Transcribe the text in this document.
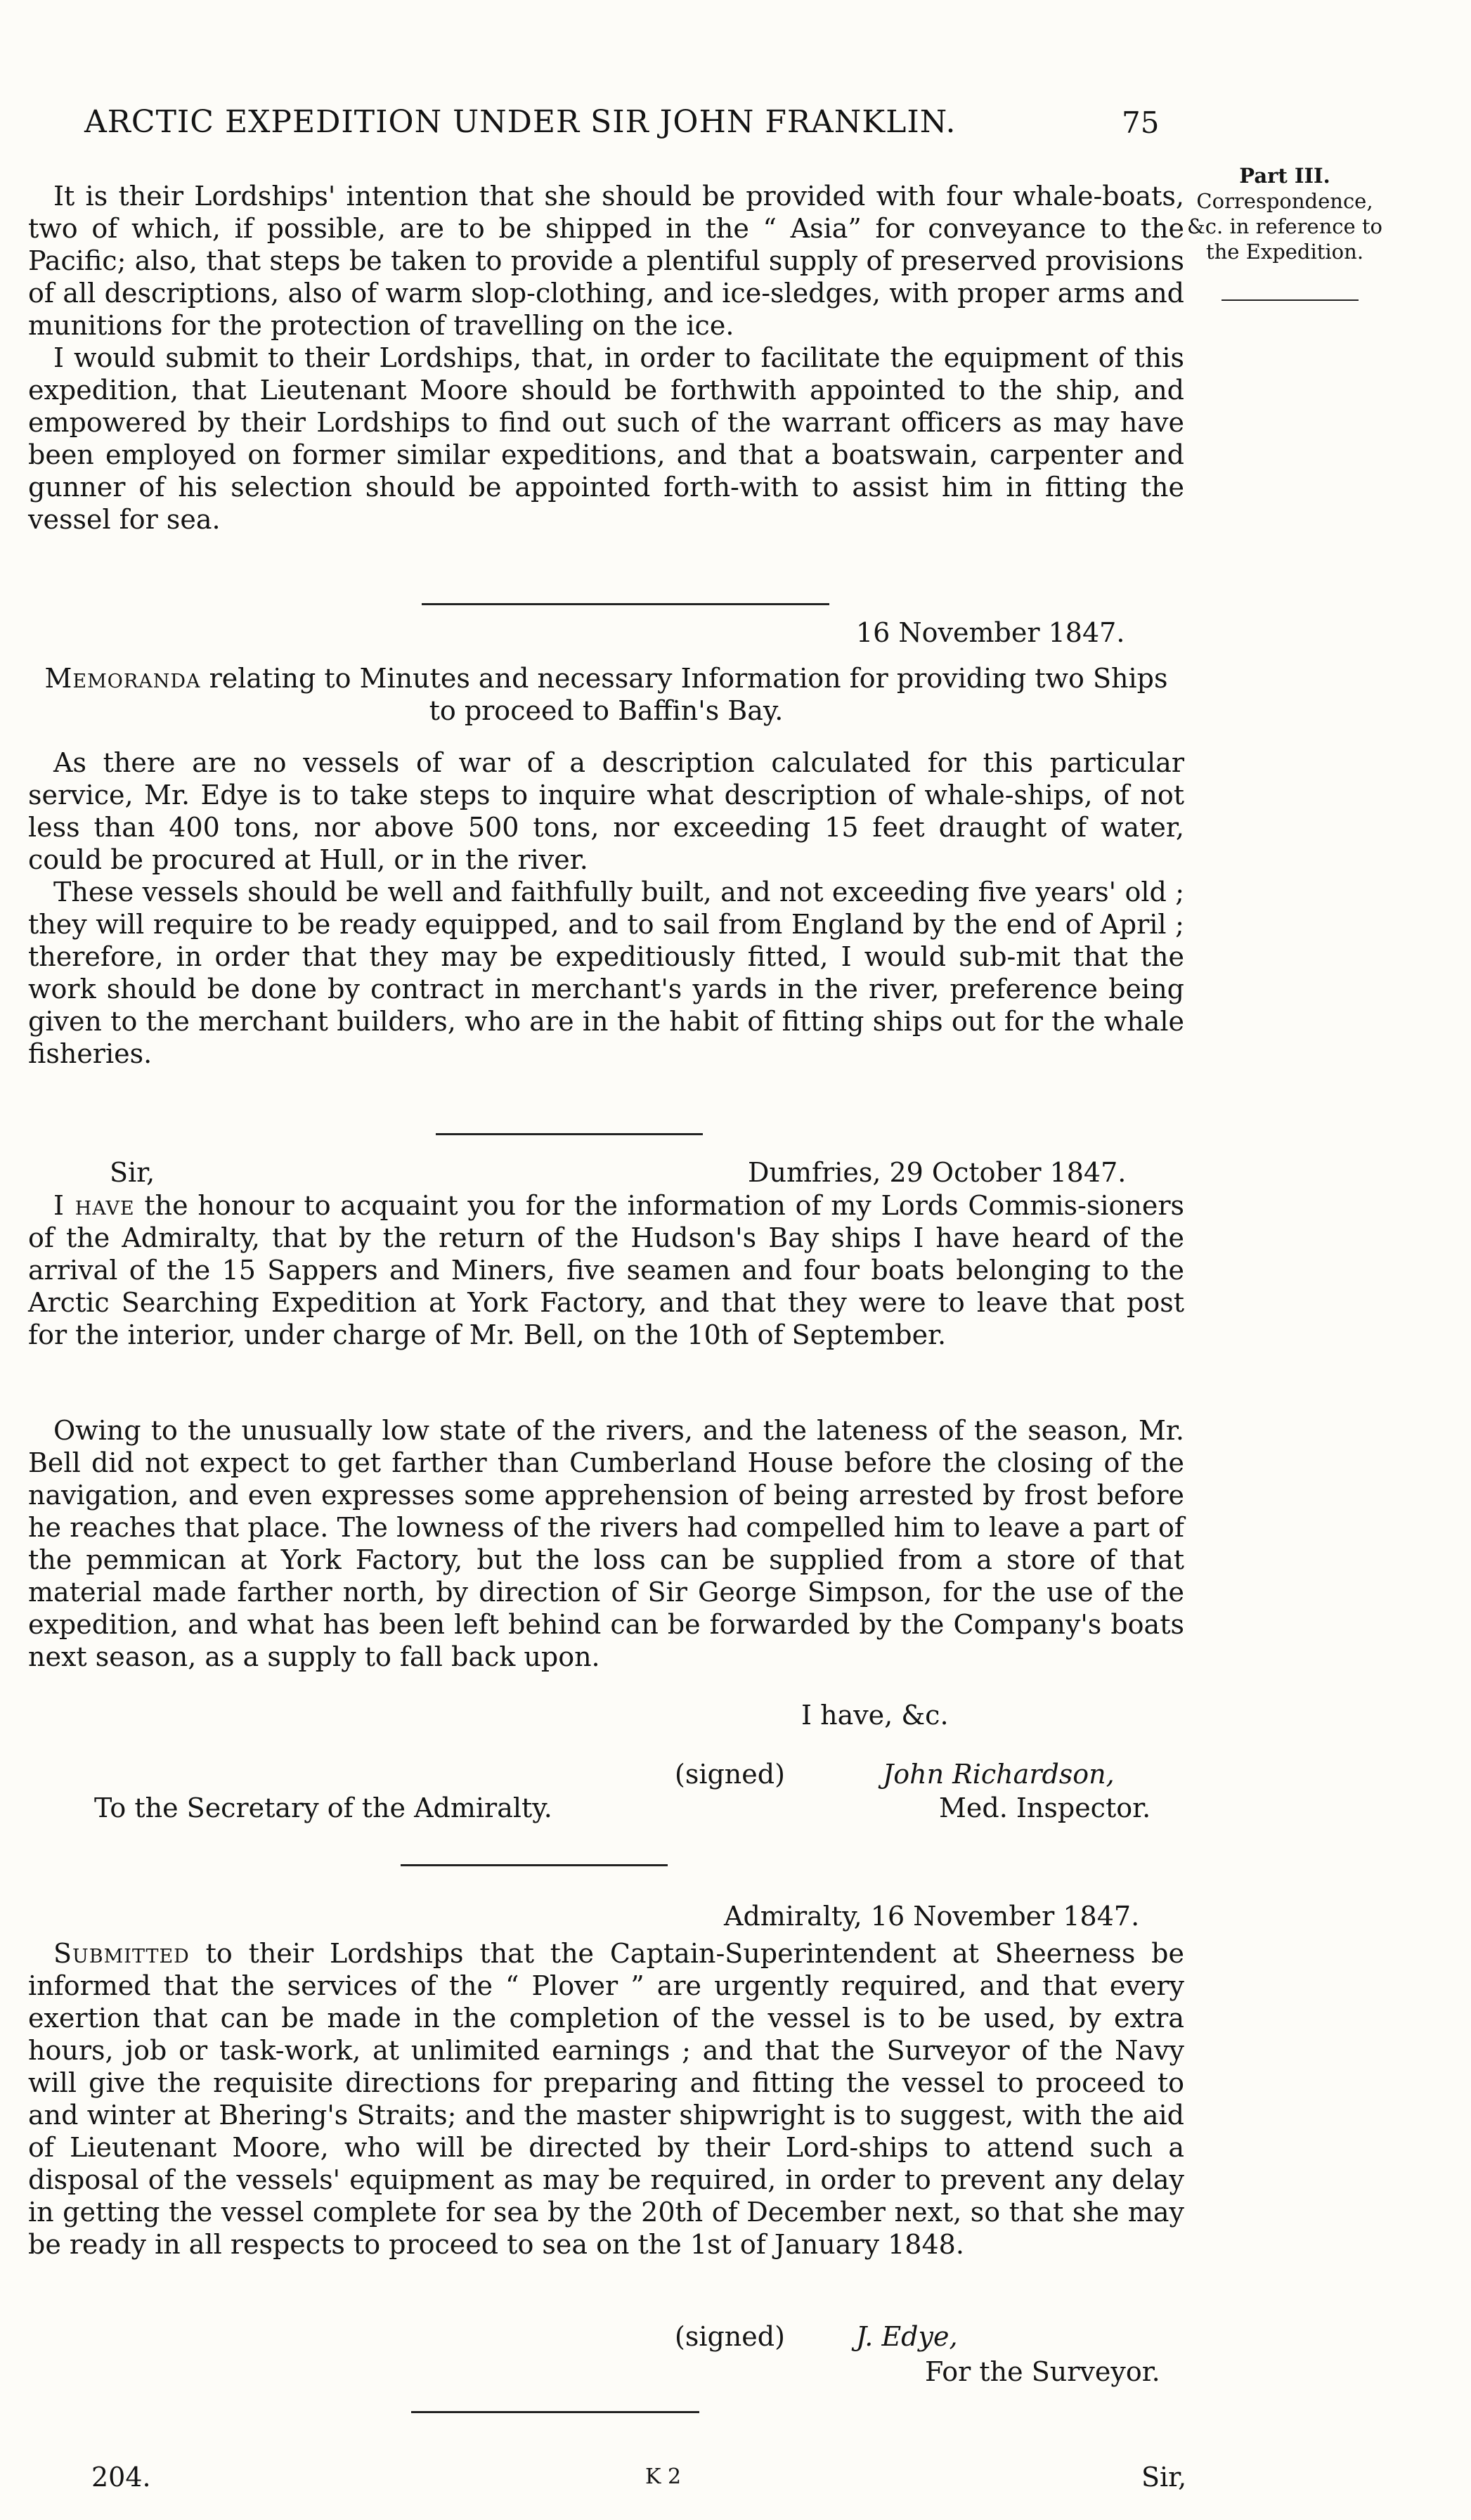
ARCTIC EXPEDITION UNDER SIR JOHN FRANKLIN.	75
Part III.
Correspondence, &c. in reference to the Expedition.
It is their Lordships' intention that she should be provided with four whale-boats, two of which, if possible, are to be shipped in the “ Asia” for conveyance to the Pacific; also, that steps be taken to provide a plentiful supply of preserved provisions of all descriptions, also of warm slop-clothing, and ice-sledges, with proper arms and munitions for the protection of travelling on the ice.
I would submit to their Lordships, that, in order to facilitate the equipment of this expedition, that Lieutenant Moore should be forthwith appointed to the ship, and empowered by their Lordships to find out such of the warrant officers as may have been employed on former similar expeditions, and that a boatswain, carpenter and gunner of his selection should be appointed forth-with to assist him in fitting the vessel for sea.
16 November 1847.
Memoranda relating to Minutes and necessary Information for providing two Ships to proceed to Baffin's Bay.
As there are no vessels of war of a description calculated for this particular service, Mr. Edye is to take steps to inquire what description of whale-ships, of not less than 400 tons, nor above 500 tons, nor exceeding 15 feet draught of water, could be procured at Hull, or in the river.
These vessels should be well and faithfully built, and not exceeding five years' old ; they will require to be ready equipped, and to sail from England by the end of April ; therefore, in order that they may be expeditiously fitted, I would sub-mit that the work should be done by contract in merchant's yards in the river, preference being given to the merchant builders, who are in the habit of fitting ships out for the whale fisheries.
Sir,	Dumfries, 29 October 1847.
I have the honour to acquaint you for the information of my Lords Commis-sioners of the Admiralty, that by the return of the Hudson's Bay ships I have heard of the arrival of the 15 Sappers and Miners, five seamen and four boats belonging to the Arctic Searching Expedition at York Factory, and that they were to leave that post for the interior, under charge of Mr. Bell, on the 10th of September.
Owing to the unusually low state of the rivers, and the lateness of the season, Mr. Bell did not expect to get farther than Cumberland House before the closing of the navigation, and even expresses some apprehension of being arrested by frost before he reaches that place. The lowness of the rivers had compelled him to leave a part of the pemmican at York Factory, but the loss can be supplied from a store of that material made farther north, by direction of Sir George Simpson, for the use of the expedition, and what has been left behind can be forwarded by the Company's boats next season, as a supply to fall back upon.
I have, &c.
(signed)	John Richardson,
To the Secretary of the Admiralty.	Med. Inspector.
Admiralty, 16 November 1847.
Submitted to their Lordships that the Captain-Superintendent at Sheerness be informed that the services of the “ Plover ” are urgently required, and that every exertion that can be made in the completion of the vessel is to be used, by extra hours, job or task-work, at unlimited earnings ; and that the Surveyor of the Navy will give the requisite directions for preparing and fitting the vessel to proceed to and winter at Bhering's Straits; and the master shipwright is to suggest, with the aid of Lieutenant Moore, who will be directed by their Lord-ships to attend such a disposal of the vessels' equipment as may be required, in order to prevent any delay in getting the vessel complete for sea by the 20th of December next, so that she may be ready in all respects to proceed to sea on the 1st of January 1848.
(signed)	J. Edye,
For the Surveyor.
204.	K 2	Sir,
